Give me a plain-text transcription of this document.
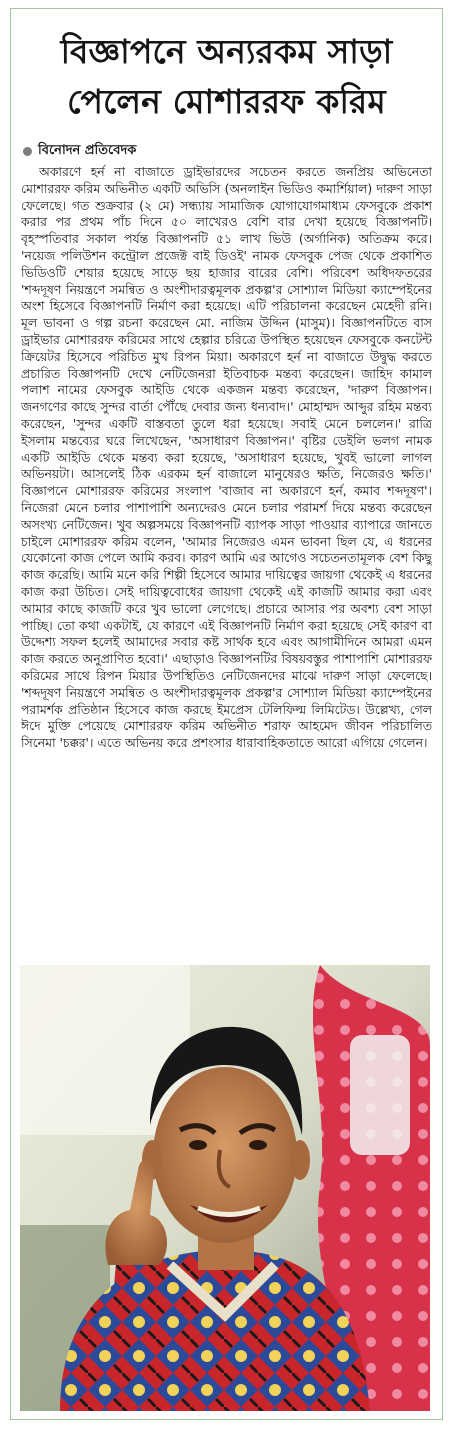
বিজ্ঞাপনে অন্যরকম সাড়া
পেলেন মোশাররফ করিম
বিনোদন প্রতিবেদক

অকারণে হর্ন না বাজাতে ড্রাইভারদের সচেতন করতে জনপ্রিয় অভিনেতা মোশাররফ করিম অভিনীত একটি অভিসি (অনলাইন ভিডিও কমার্শিয়াল) দারুণ সাড়া ফেলেছে। গত শুক্রবার (২ মে) সন্ধ্যায় সামাজিক যোগাযোগমাধ্যম ফেসবুকে প্রকাশ করার পর প্রথম পাঁচ দিনে ৫০ লাখেরও বেশি বার দেখা হয়েছে বিজ্ঞাপনটি। বৃহস্পতিবার সকাল পর্যন্ত বিজ্ঞাপনটি ৫১ লাখ ভিউ (অর্গানিক) অতিক্রম করে। 'নয়েজ পলিউশন কন্ট্রোল প্রজেক্ট বাই ডিওই' নামক ফেসবুক পেজ থেকে প্রকাশিত ভিডিওটি শেয়ার হয়েছে সাড়ে ছয় হাজার বারের বেশি। পরিবেশ অধিদফতরের 'শব্দদূষণ নিয়ন্ত্রণে সমন্বিত ও অংশীদারত্বমূলক প্রকল্প'র সোশ্যাল মিডিয়া ক্যাম্পেইনের অংশ হিসেবে বিজ্ঞাপনটি নির্মাণ করা হয়েছে। এটি পরিচালনা করেছেন মেহেদী রনি। মূল ভাবনা ও গল্প রচনা করেছেন মো. নাজিম উদ্দিন (মাসুম)। বিজ্ঞাপনটিতে বাস ড্রাইভার মোশাররফ করিমের সাথে হেল্পার চরিত্রে উপস্থিত হয়েছেন ফেসবুকে কনটেন্ট ক্রিয়েটর হিসেবে পরিচিত মুখ রিপন মিয়া। অকারণে হর্ন না বাজাতে উদ্বুদ্ধ করতে প্রচারিত বিজ্ঞাপনটি দেখে নেটিজেনরা ইতিবাচক মন্তব্য করেছেন। জাহিদ কামাল পলাশ নামের ফেসবুক আইডি থেকে একজন মন্তব্য করেছেন, 'দারুণ বিজ্ঞাপন। জনগণের কাছে সুন্দর বার্তা পৌঁছে দেবার জন্য ধন্যবাদ।' মোহাম্মদ আব্দুর রহিম মন্তব্য করেছেন, 'সুন্দর একটি বাস্তবতা তুলে ধরা হয়েছে। সবাই মেনে চললেন।' রাত্রি ইসলাম মন্তব্যের ঘরে লিখেছেন, 'অসাধারণ বিজ্ঞাপন।' বৃষ্টির ডেইলি ভলগ নামক একটি আইডি থেকে মন্তব্য করা হয়েছে, 'অসাধারণ হয়েছে, খুবই ভালো লাগল অভিনয়টা। আসলেই ঠিক এরকম হর্ন বাজালে মানুষেরও ক্ষতি, নিজেরও ক্ষতি।' বিজ্ঞাপনে মোশাররফ করিমের সংলাপ 'বাজাব না অকারণে হর্ন, কমাব শব্দদূষণ'। নিজেরা মেনে চলার পাশাপাশি অন্যদেরও মেনে চলার পরামর্শ দিয়ে মন্তব্য করেছেন অসংখ্য নেটিজেন। খুব অল্পসময়ে বিজ্ঞাপনটি ব্যাপক সাড়া পাওয়ার ব্যাপারে জানতে চাইলে মোশাররফ করিম বলেন, 'আমার নিজেরও এমন ভাবনা ছিল যে, এ ধরনের যেকোনো কাজ পেলে আমি করব। কারণ আমি এর আগেও সচেতনতামূলক বেশ কিছু কাজ করেছি। আমি মনে করি শিল্পী হিসেবে আমার দায়িত্বের জায়গা থেকেই এ ধরনের কাজ করা উচিত। সেই দায়িত্ববোধের জায়গা থেকেই এই কাজটি আমার করা এবং আমার কাছে কাজটি করে খুব ভালো লেগেছে। প্রচারে আসার পর অবশ্য বেশ সাড়া পাচ্ছি। তো কথা একটাই, যে কারণে এই বিজ্ঞাপনটি নির্মাণ করা হয়েছে সেই কারণ বা উদ্দেশ্য সফল হলেই আমাদের সবার কষ্ট সার্থক হবে এবং আগামীদিনে আমরা এমন কাজ করতে অনুপ্রাণিত হবো।' এছাড়াও বিজ্ঞাপনটির বিষয়বস্তুর পাশাপাশি মোশাররফ করিমের সাথে রিপন মিয়ার উপস্থিতিও নেটিজেনদের মাঝে দারুণ সাড়া ফেলেছে। 'শব্দদূষণ নিয়ন্ত্রণে সমন্বিত ও অংশীদারত্বমূলক প্রকল্প'র সোশ্যাল মিডিয়া ক্যাম্পেইনের পরামর্শক প্রতিষ্ঠান হিসেবে কাজ করছে ইমপ্রেস টেলিফিল্ম লিমিটেড। উল্লেখ্য, গেল ঈদে মুক্তি পেয়েছে মোশাররফ করিম অভিনীত শরাফ আহমেদ জীবন পরিচালিত সিনেমা 'চক্কর'। এতে অভিনয় করে প্রশংসার ধারাবাহিকতাতে আরো এগিয়ে গেলেন।
